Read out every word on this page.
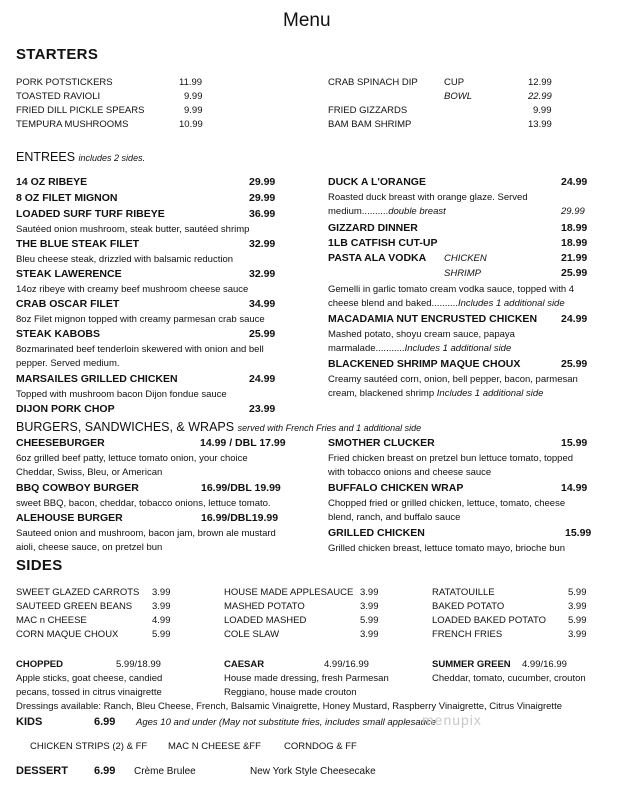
Menu
STARTERS
PORK POTSTICKERS	11.99
TOASTED RAVIOLI	9.99
FRIED DILL PICKLE SPEARS	9.99
TEMPURA MUSHROOMS	10.99
CRAB SPINACH DIP	CUP	12.99
BOWL	22.99
FRIED GIZZARDS	9.99
BAM BAM SHRIMP	13.99
ENTREES includes 2 sides.
14 OZ RIBEYE	29.99
8 OZ FILET MIGNON	29.99
LOADED SURF TURF RIBEYE	36.99
Sautéed onion mushroom, steak butter, sautéed shrimp
THE BLUE STEAK FILET	32.99
Bleu cheese steak, drizzled with balsamic reduction
STEAK LAWERENCE	32.99
14oz ribeye with creamy beef mushroom cheese sauce
CRAB OSCAR FILET	34.99
8oz Filet mignon topped with creamy parmesan crab sauce
STEAK KABOBS	25.99
8ozmarinated beef tenderloin skewered with onion and bell
pepper. Served medium.
MARSAILES GRILLED CHICKEN	24.99
Topped with mushroom bacon Dijon fondue sauce
DIJON PORK CHOP	23.99
DUCK A L'ORANGE	24.99
Roasted duck breast with orange glaze. Served
medium..........double breast	29.99
GIZZARD DINNER	18.99
1LB CATFISH CUT-UP	18.99
PASTA ALA VODKA CHICKEN	21.99
SHRIMP	25.99
Gemelli in garlic tomato cream vodka sauce, topped with 4
cheese blend and baked..........Includes 1 additional side
MACADAMIA NUT ENCRUSTED CHICKEN 24.99
Mashed potato, shoyu cream sauce, papaya
marmalade...........Includes 1 additional side
BLACKENED SHRIMP MAQUE CHOUX	25.99
Creamy sautéed corn, onion, bell pepper, bacon, parmesan
cream, blackened shrimp Includes 1 additional side
BURGERS, SANDWICHES, & WRAPS served with French Fries and 1 additional side
CHEESEBURGER	14.99 / DBL 17.99
6oz grilled beef patty, lettuce tomato onion, your choice
Cheddar, Swiss, Bleu, or American
BBQ COWBOY BURGER	16.99/DBL 19.99
sweet BBQ, bacon, cheddar, tobacco onions, lettuce tomato.
ALEHOUSE BURGER	16.99/DBL19.99
Sauteed onion and mushroom, bacon jam, brown ale mustard
aioli, cheese sauce, on pretzel bun
SMOTHER CLUCKER	15.99
Fried chicken breast on pretzel bun lettuce tomato, topped
with tobacco onions and cheese sauce
BUFFALO CHICKEN WRAP	14.99
Chopped fried or grilled chicken, lettuce, tomato, cheese
blend, ranch, and buffalo sauce
GRILLED CHICKEN	15.99
Grilled chicken breast, lettuce tomato mayo, brioche bun
SIDES
SWEET GLAZED CARROTS 3.99
SAUTEED GREEN BEANS 3.99
MAC n CHEESE	4.99
CORN MAQUE CHOUX	5.99
HOUSE MADE APPLESAUCE 3.99
MASHED POTATO	3.99
LOADED MASHED	5.99
COLE SLAW	3.99
RATATOUILLE	5.99
BAKED POTATO	3.99
LOADED BAKED POTATO 5.99
FRENCH FRIES	3.99
CHOPPED	5.99/18.99
Apple sticks, goat cheese, candied
pecans, tossed in citrus vinaigrette
CAESAR	4.99/16.99
House made dressing, fresh Parmesan
Reggiano, house made crouton
SUMMER GREEN 4.99/16.99
Cheddar, tomato, cucumber, crouton
Dressings available: Ranch, Bleu Cheese, French, Balsamic Vinaigrette, Honey Mustard, Raspberry Vinaigrette, Citrus Vinaigrette
KIDS	6.99 Ages 10 and under (May not substitute fries, includes small applesauce
CHICKEN STRIPS (2) & FF MAC N CHEESE &FF CORNDOG & FF
DESSERT 6.99 Crème Brulee	New York Style Cheesecake
menupix
